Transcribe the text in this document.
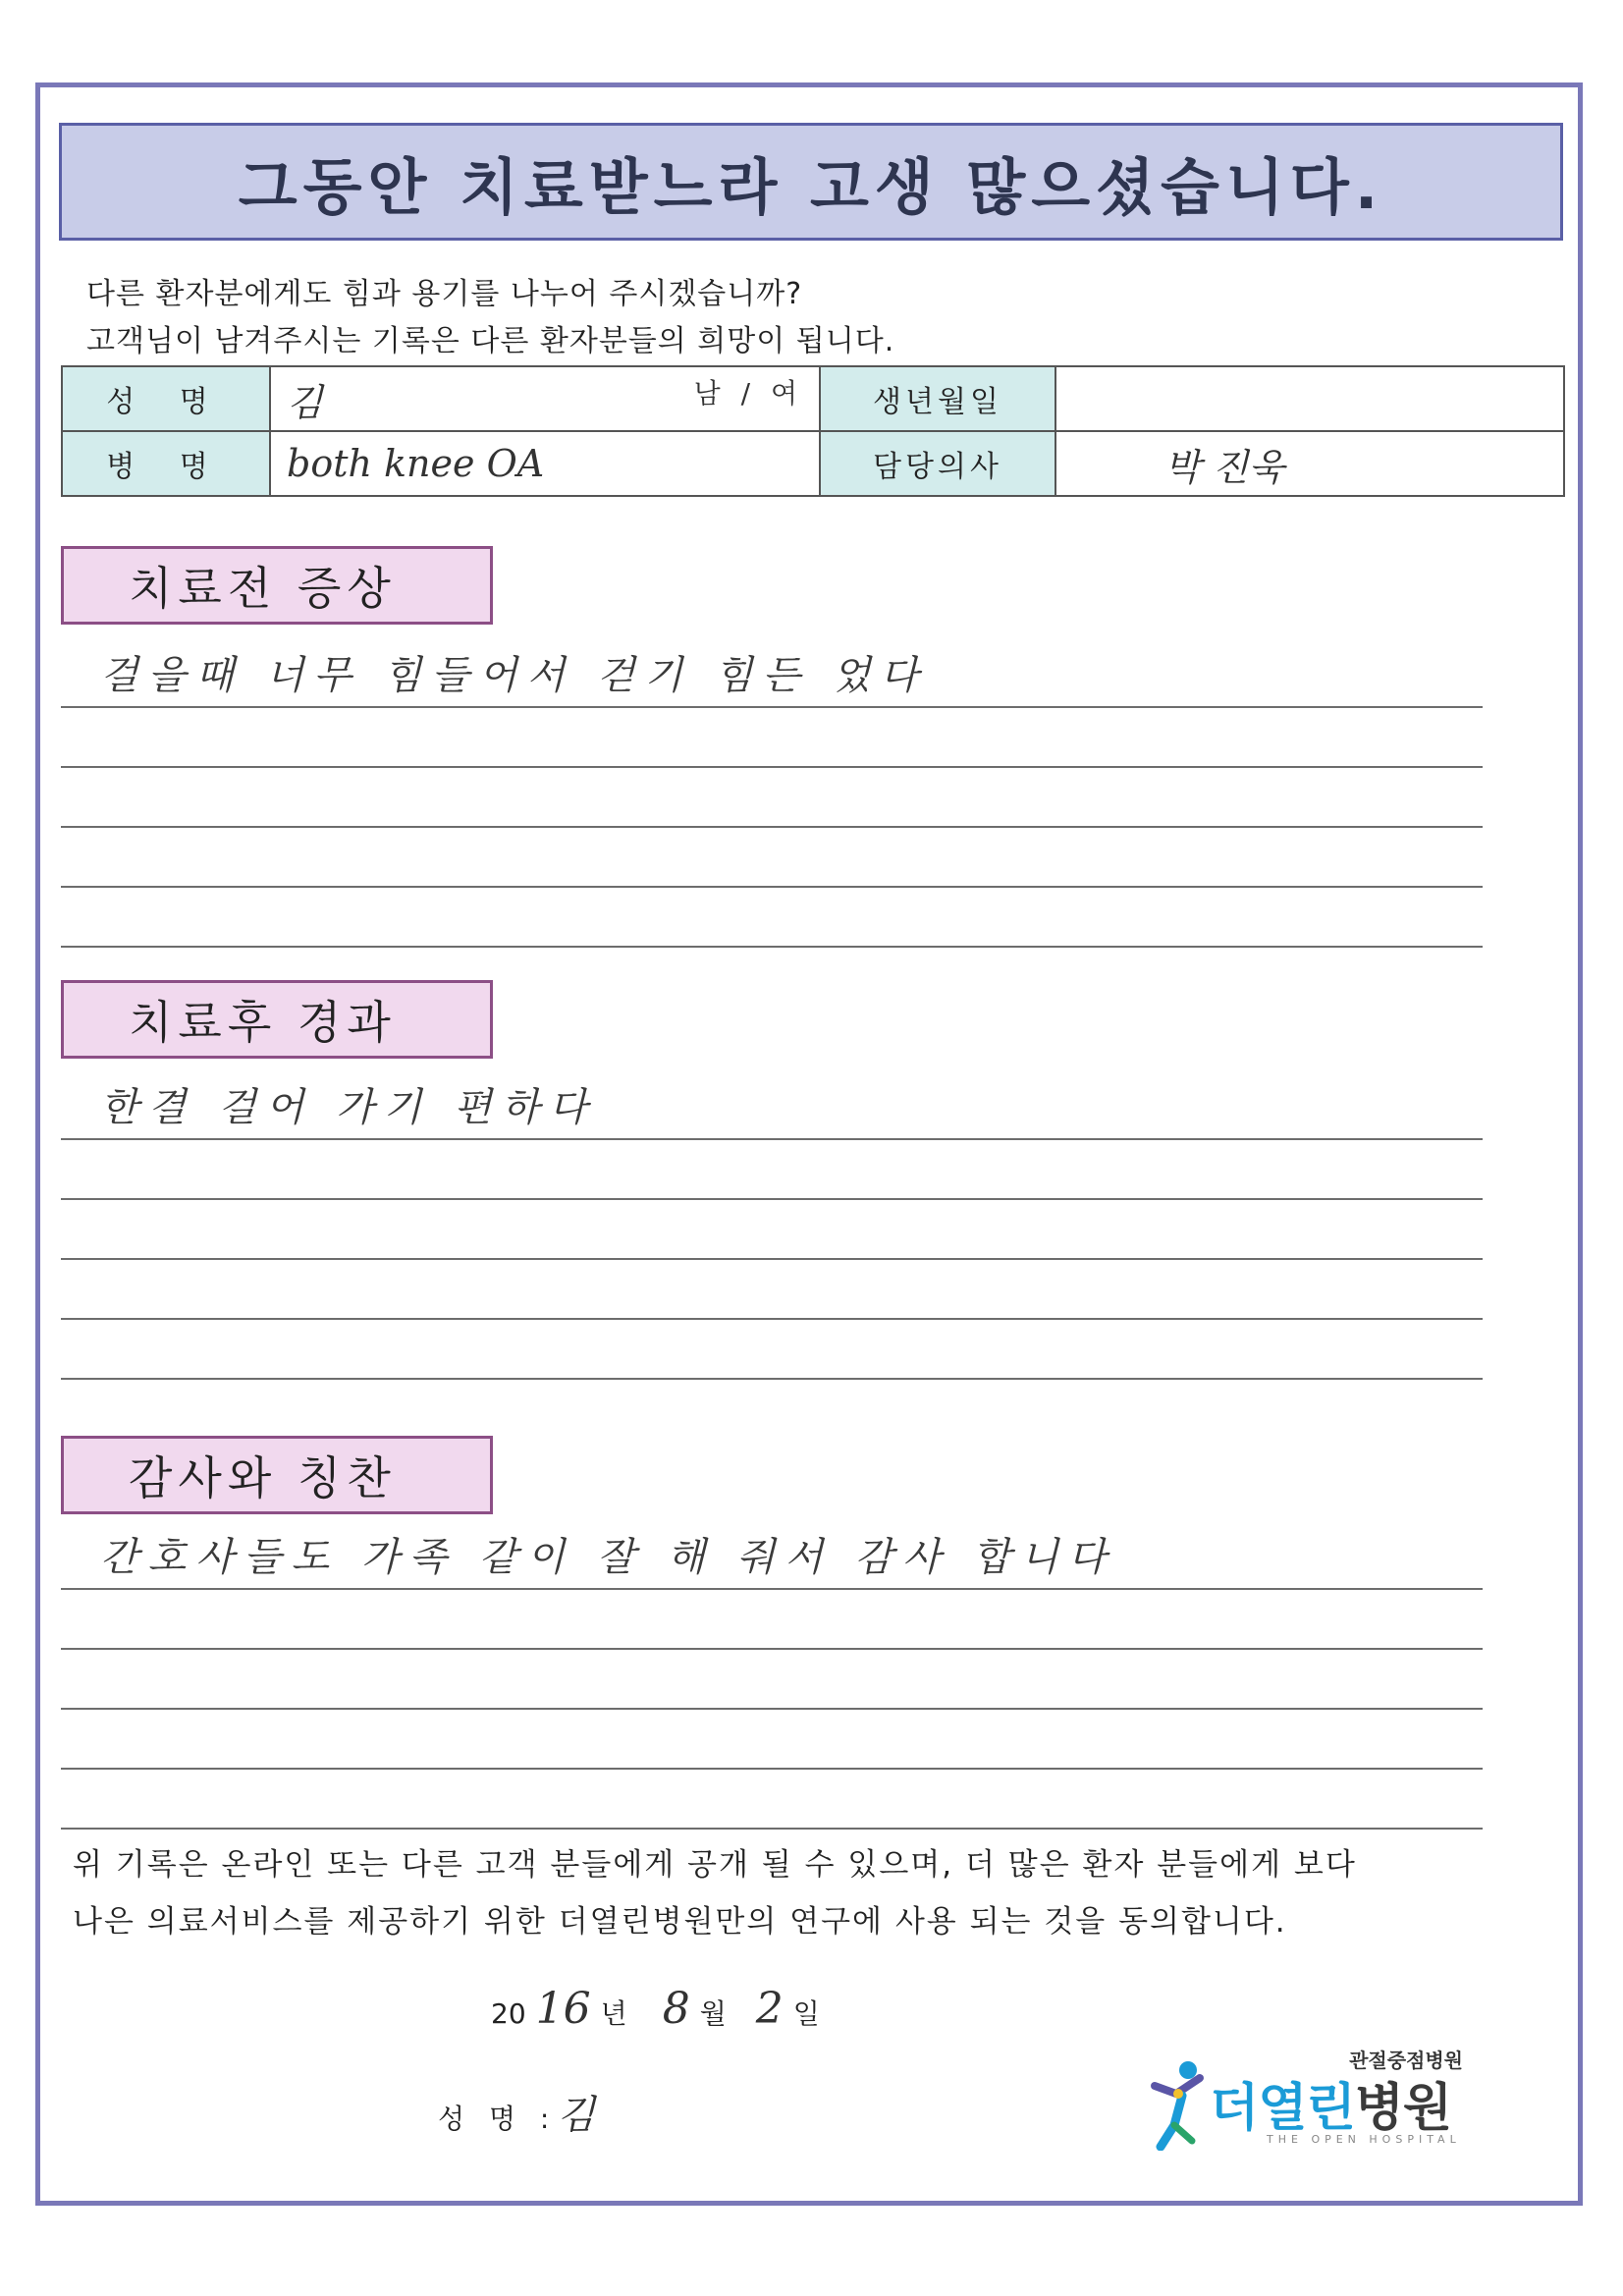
그동안 치료받느라 고생 많으셨습니다.
다른 환자분에게도 힘과 용기를 나누어 주시겠습니까?
고객님이 남겨주시는 기록은 다른 환자분들의 희망이 됩니다.
성 명	김 남 / 여	생년월일	
병 명	both knee OA	담당의사	박 진욱
치료전 증상
걸을때 너무 힘들어서 걷기 힘든 었다
치료후 경과
한결 걸어 가기 편하다
감사와 칭찬
간호사들도 가족 같이 잘 해 줘서 감사 합니다
위 기록은 온라인 또는 다른 고객 분들에게 공개 될 수 있으며, 더 많은 환자 분들에게 보다
나은 의료서비스를 제공하기 위한 더열린병원만의 연구에 사용 되는 것을 동의합니다.
20 16 년 8 월 2 일
성 명 : 김
관절중점병원
더열린병원
THE OPEN HOSPITAL
